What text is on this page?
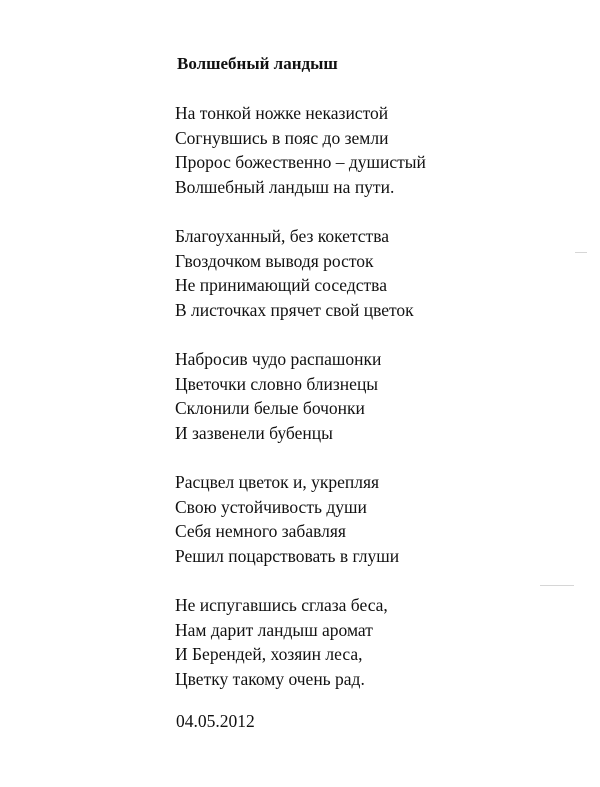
Волшебный ландыш
На тонкой ножке неказистой
Согнувшись в пояс до земли
Пророс божественно – душистый
Волшебный ландыш на пути.
Благоуханный, без кокетства
Гвоздочком выводя росток
Не принимающий соседства
В листочках прячет свой цветок
Набросив чудо распашонки
Цветочки словно близнецы
Склонили белые бочонки
И зазвенели бубенцы
Расцвел цветок и, укрепляя
Свою устойчивость души
Себя немного забавляя
Решил поцарствовать в глуши
Не испугавшись сглаза беса,
Нам дарит ландыш аромат
И Берендей, хозяин леса,
Цветку такому очень рад.
04.05.2012
